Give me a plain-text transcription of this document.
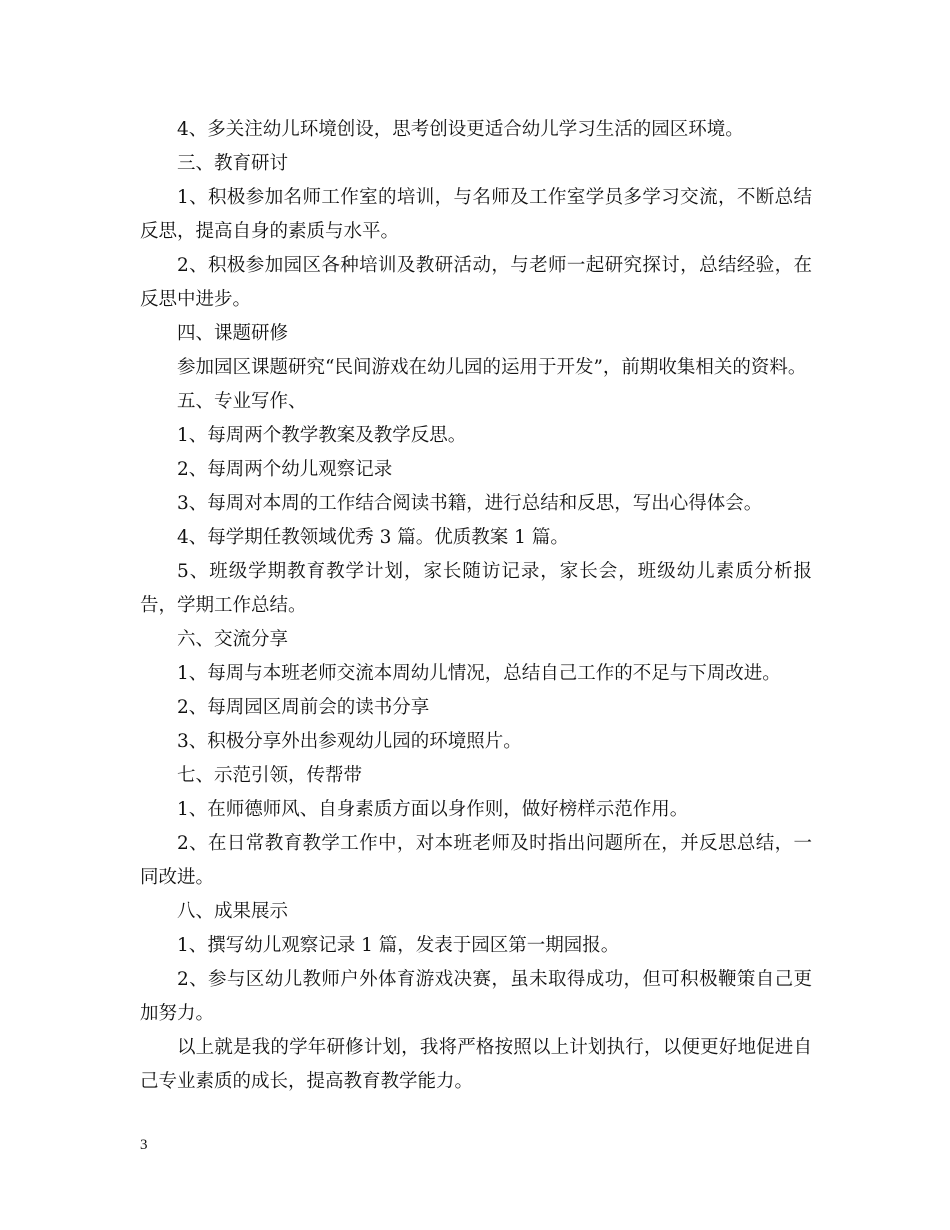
4、多关注幼儿环境创设，思考创设更适合幼儿学习生活的园区环境。

三、教育研讨

1、积极参加名师工作室的培训，与名师及工作室学员多学习交流，不断总结反思，提高自身的素质与水平。

2、积极参加园区各种培训及教研活动，与老师一起研究探讨，总结经验，在反思中进步。

四、课题研修

参加园区课题研究“民间游戏在幼儿园的运用于开发”，前期收集相关的资料。

五、专业写作、

1、每周两个教学教案及教学反思。

2、每周两个幼儿观察记录

3、每周对本周的工作结合阅读书籍，进行总结和反思，写出心得体会。

4、每学期任教领域优秀 3 篇。优质教案 1 篇。

5、班级学期教育教学计划，家长随访记录，家长会，班级幼儿素质分析报告，学期工作总结。

六、交流分享

1、每周与本班老师交流本周幼儿情况，总结自己工作的不足与下周改进。

2、每周园区周前会的读书分享

3、积极分享外出参观幼儿园的环境照片。

七、示范引领，传帮带

1、在师德师风、自身素质方面以身作则，做好榜样示范作用。

2、在日常教育教学工作中，对本班老师及时指出问题所在，并反思总结，一同改进。

八、成果展示

1、撰写幼儿观察记录 1 篇，发表于园区第一期园报。

2、参与区幼儿教师户外体育游戏决赛，虽未取得成功，但可积极鞭策自己更加努力。

以上就是我的学年研修计划，我将严格按照以上计划执行，以便更好地促进自己专业素质的成长，提高教育教学能力。

3
